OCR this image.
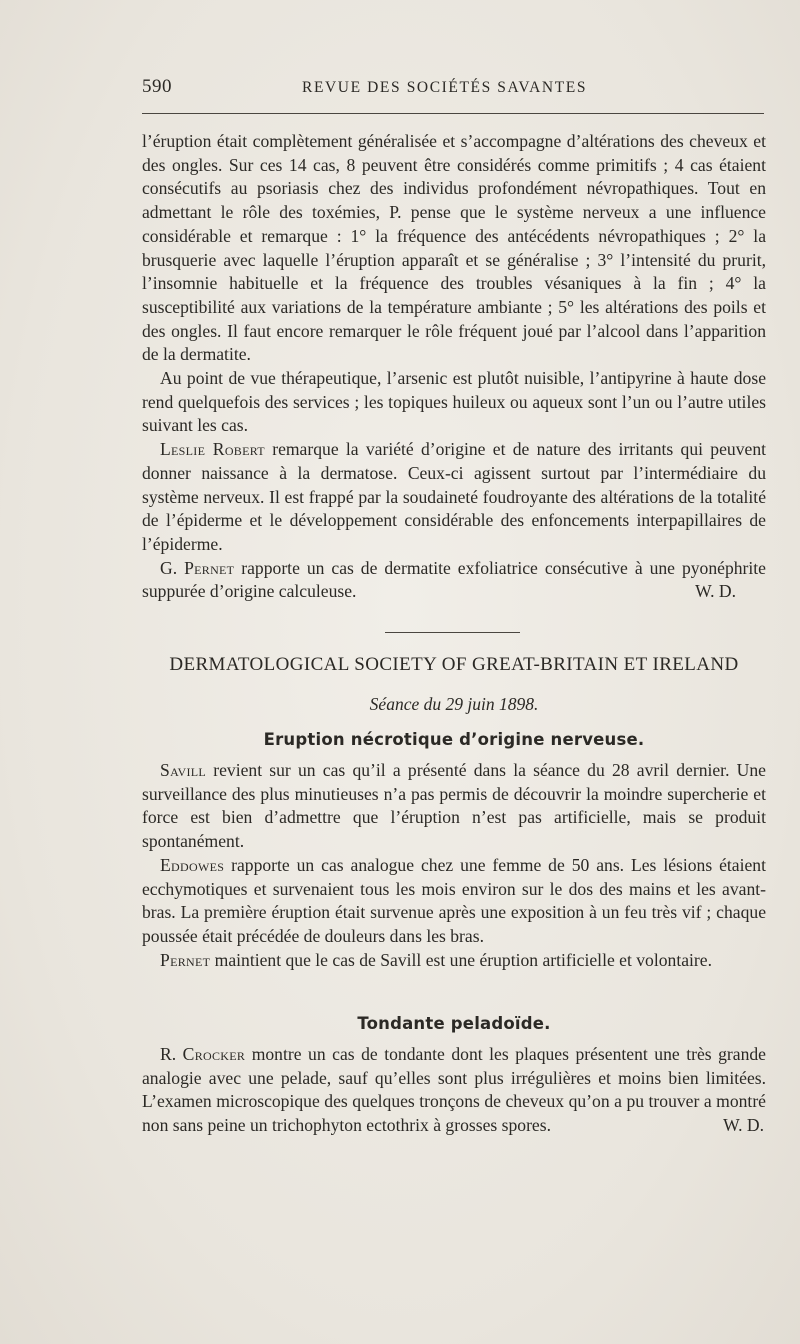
590	REVUE DES SOCIÉTÉS SAVANTES

l’éruption était complètement généralisée et s’accompagne d’altérations des cheveux et des ongles. Sur ces 14 cas, 8 peuvent être considérés comme primitifs ; 4 cas étaient consécutifs au psoriasis chez des individus profondément névropathiques. Tout en admettant le rôle des toxémies, P. pense que le système nerveux a une influence considérable et remarque : 1° la fréquence des antécédents névropathiques ; 2° la brusquerie avec laquelle l’éruption apparaît et se généralise ; 3° l’intensité du prurit, l’insomnie habituelle et la fréquence des troubles vésaniques à la fin ; 4° la susceptibilité aux variations de la température ambiante ; 5° les altérations des poils et des ongles. Il faut encore remarquer le rôle fréquent joué par l’alcool dans l’apparition de la dermatite.

Au point de vue thérapeutique, l’arsenic est plutôt nuisible, l’antipyrine à haute dose rend quelquefois des services ; les topiques huileux ou aqueux sont l’un ou l’autre utiles suivant les cas.

Leslie Robert remarque la variété d’origine et de nature des irritants qui peuvent donner naissance à la dermatose. Ceux-ci agissent surtout par l’intermédiaire du système nerveux. Il est frappé par la soudaineté foudroyante des altérations de la totalité de l’épiderme et le développement considérable des enfoncements interpapillaires de l’épiderme.

G. Pernet rapporte un cas de dermatite exfoliatrice consécutive à une pyonéphrite suppurée d’origine calculeuse.	W. D.

DERMATOLOGICAL SOCIETY OF GREAT-BRITAIN ET IRELAND
Séance du 29 juin 1898.
Eruption nécrotique d’origine nerveuse.

Savill revient sur un cas qu’il a présenté dans la séance du 28 avril dernier. Une surveillance des plus minutieuses n’a pas permis de découvrir la moindre supercherie et force est bien d’admettre que l’éruption n’est pas artificielle, mais se produit spontanément.

Eddowes rapporte un cas analogue chez une femme de 50 ans. Les lésions étaient ecchymotiques et survenaient tous les mois environ sur le dos des mains et les avant-bras. La première éruption était survenue après une exposition à un feu très vif ; chaque poussée était précédée de douleurs dans les bras.

Pernet maintient que le cas de Savill est une éruption artificielle et volontaire.

Tondante peladoïde.

R. Crocker montre un cas de tondante dont les plaques présentent une très grande analogie avec une pelade, sauf qu’elles sont plus irrégulières et moins bien limitées. L’examen microscopique des quelques tronçons de cheveux qu’on a pu trouver a montré non sans peine un trichophyton ectothrix à grosses spores.	W. D.
